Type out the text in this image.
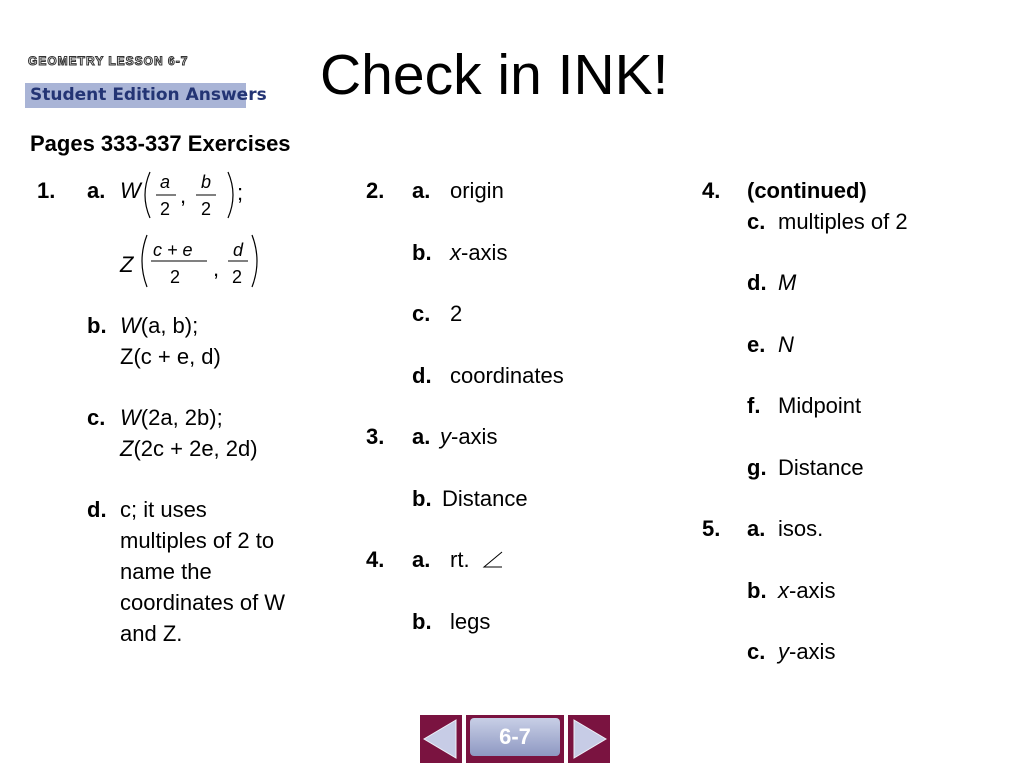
GEOMETRY LESSON 6-7
Student Edition Answers Check in INK!
Pages 333-337 Exercises
1. a. W a
2
,
b
2
;
Z
c + e
2 ,
d
2
b. W(a, b);
Z(c + e, d)
c. W(2a, 2b);
Z(2c + 2e, 2d)
d. c; it uses
multiples of 2 to
name the
coordinates of W
and Z.
2. a. origin
b. x-axis
c. 2
d. coordinates
3. a. y-axis
b. Distance
4. a. rt.
b. legs
4. (continued)
c. multiples of 2
d. M
e. N
f. Midpoint
g. Distance
5. a. isos.
b. x-axis
c. y-axis
6-7
